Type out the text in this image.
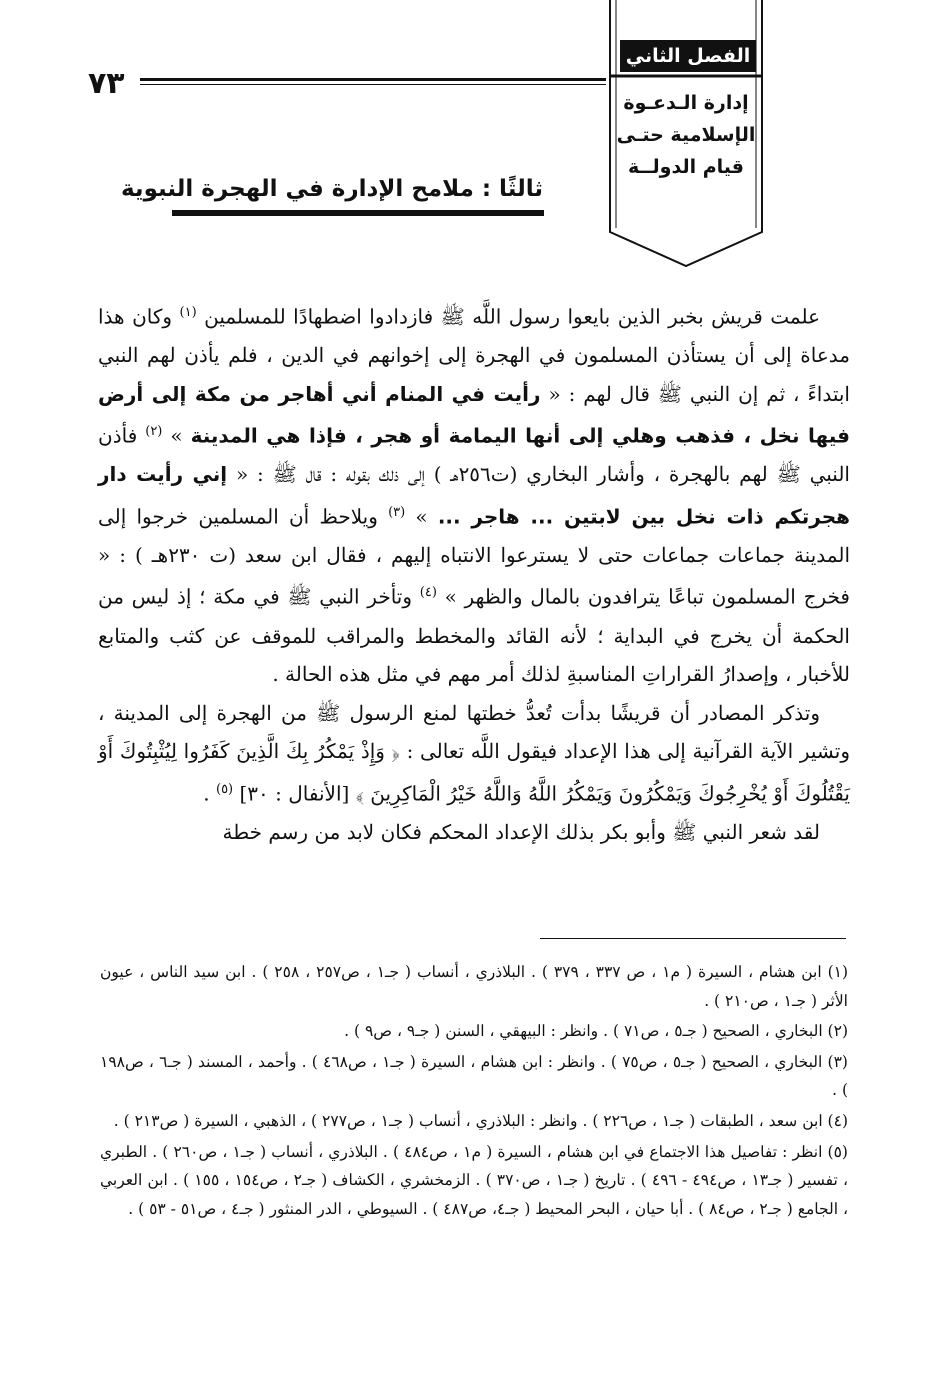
٧٣
الفصل الثاني
إدارة الـدعـوة
الإسلامية حتـى
قيام الدولــة
ثالثًا : ملامح الإدارة في الهجرة النبوية

علمت قريش بخبر الذين بايعوا رسول اللَّه ﷺ فازدادوا اضطهادًا للمسلمين $^{(١)}$ وكان هذا مدعاة إلى أن يستأذن المسلمون في الهجرة إلى إخوانهم في الدين ، فلم يأذن لهم النبي ابتداءً ، ثم إن النبي ﷺ قال لهم : « رأيت في المنام أني أهاجر من مكة إلى أرض فيها نخل ، فذهب وهلي إلى أنها اليمامة أو هجر ، فإذا هي المدينة » $^{(٢)}$ فأذن النبي ﷺ لهم بالهجرة ، وأشار البخاري (ت٢٥٦هـ ) إلى ذلك بقوله : قال ﷺ : « إني رأيت دار هجرتكم ذات نخل بين لابتين ... هاجر ... » $^{(٣)}$ ويلاحظ أن المسلمين خرجوا إلى المدينة جماعات جماعات حتى لا يسترعوا الانتباه إليهم ، فقال ابن سعد (ت ٢٣٠هـ ) : « فخرج المسلمون تباعًا يترافدون بالمال والظهر » $^{(٤)}$ وتأخر النبي ﷺ في مكة ؛ إذ ليس من الحكمة أن يخرج في البداية ؛ لأنه القائد والمخطط والمراقب للموقف عن كثب والمتابع للأخبار ، وإصدارُ القراراتِ المناسبةِ لذلك أمر مهم في مثل هذه الحالة .

وتذكر المصادر أن قريشًا بدأت تُعدُّ خطتها لمنع الرسول ﷺ من الهجرة إلى المدينة ، وتشير الآية القرآنية إلى هذا الإعداد فيقول اللَّه تعالى : ﴿ وَإِذْ يَمْكُرُ بِكَ الَّذِينَ كَفَرُوا لِيُثْبِتُوكَ أَوْ يَقْتُلُوكَ أَوْ يُخْرِجُوكَ وَيَمْكُرُونَ وَيَمْكُرُ اللَّهُ وَاللَّهُ خَيْرُ الْمَاكِرِينَ ﴾ [الأنفال : ٣٠] $^{(٥)}$ .

لقد شعر النبي ﷺ وأبو بكر بذلك الإعداد المحكم فكان لابد من رسم خطة

(١) ابن هشام ، السيرة ( م١ ، ص ٣٣٧ ، ٣٧٩ ) . البلاذري ، أنساب ( جـ١ ، ص٢٥٧ ، ٢٥٨ ) . ابن سيد الناس ، عيون الأثر ( جـ١ ، ص٢١٠ ) .

(٢) البخاري ، الصحيح ( جـ٥ ، ص٧١ ) . وانظر : البيهقي ، السنن ( جـ٩ ، ص٩ ) .

(٣) البخاري ، الصحيح ( جـ٥ ، ص٧٥ ) . وانظر : ابن هشام ، السيرة ( جـ١ ، ص٤٦٨ ) . وأحمد ، المسند ( جـ٦ ، ص١٩٨ ) .

(٤) ابن سعد ، الطبقات ( جـ١ ، ص٢٢٦ ) . وانظر : البلاذري ، أنساب ( جـ١ ، ص٢٧٧ ) ، الذهبي ، السيرة ( ص٢١٣ ) .

(٥) انظر : تفاصيل هذا الاجتماع في ابن هشام ، السيرة ( م١ ، ص٤٨٤ ) . البلاذري ، أنساب ( جـ١ ، ص٢٦٠ ) . الطبري ، تفسير ( جـ١٣ ، ص٤٩٤ - ٤٩٦ ) . تاريخ ( جـ١ ، ص٣٧٠ ) . الزمخشري ، الكشاف ( جـ٢ ، ص١٥٤ ، ١٥٥ ) . ابن العربي ، الجامع ( جـ٢ ، ص٨٤ ) . أبا حيان ، البحر المحيط ( جـ٤، ص٤٨٧ ) . السيوطي ، الدر المنثور ( جـ٤ ، ص٥١ - ٥٣ ) .
